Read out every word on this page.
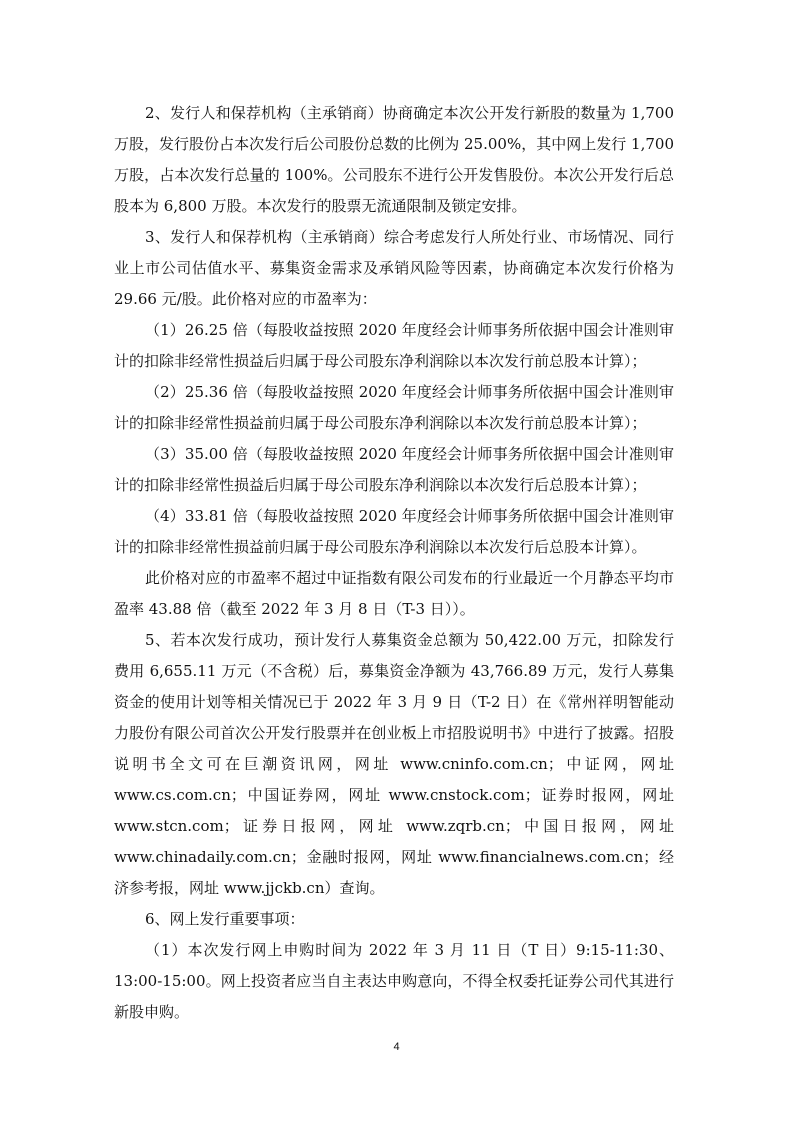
2、发行人和保荐机构（主承销商）协商确定本次公开发行新股的数量为 1,700 万股，发行股份占本次发行后公司股份总数的比例为 25.00%，其中网上发行 1,700 万股，占本次发行总量的 100%。公司股东不进行公开发售股份。本次公开发行后总股本为 6,800 万股。本次发行的股票无流通限制及锁定安排。

3、发行人和保荐机构（主承销商）综合考虑发行人所处行业、市场情况、同行业上市公司估值水平、募集资金需求及承销风险等因素，协商确定本次发行价格为 29.66 元/股。此价格对应的市盈率为：

（1）26.25 倍（每股收益按照 2020 年度经会计师事务所依据中国会计准则审计的扣除非经常性损益后归属于母公司股东净利润除以本次发行前总股本计算）；

（2）25.36 倍（每股收益按照 2020 年度经会计师事务所依据中国会计准则审计的扣除非经常性损益前归属于母公司股东净利润除以本次发行前总股本计算）；

（3）35.00 倍（每股收益按照 2020 年度经会计师事务所依据中国会计准则审计的扣除非经常性损益后归属于母公司股东净利润除以本次发行后总股本计算）；

（4）33.81 倍（每股收益按照 2020 年度经会计师事务所依据中国会计准则审计的扣除非经常性损益前归属于母公司股东净利润除以本次发行后总股本计算）。

此价格对应的市盈率不超过中证指数有限公司发布的行业最近一个月静态平均市盈率 43.88 倍（截至 2022 年 3 月 8 日（T-3 日））。

5、若本次发行成功，预计发行人募集资金总额为 50,422.00 万元，扣除发行费用 6,655.11 万元（不含税）后，募集资金净额为 43,766.89 万元，发行人募集资金的使用计划等相关情况已于 2022 年 3 月 9 日（T-2 日）在《常州祥明智能动力股份有限公司首次公开发行股票并在创业板上市招股说明书》中进行了披露。招股说明书全文可在巨潮资讯网，网址 www.cninfo.com.cn；中证网，网址 www.cs.com.cn；中国证券网，网址 www.cnstock.com；证券时报网，网址 www.stcn.com；证券日报网，网址 www.zqrb.cn；中国日报网，网址 www.chinadaily.com.cn；金融时报网，网址 www.financialnews.com.cn；经济参考报，网址 www.jjckb.cn）查询。

6、网上发行重要事项：

（1）本次发行网上申购时间为 2022 年 3 月 11 日（T 日）9:15-11:30、13:00-15:00。网上投资者应当自主表达申购意向，不得全权委托证券公司代其进行新股申购。

4
